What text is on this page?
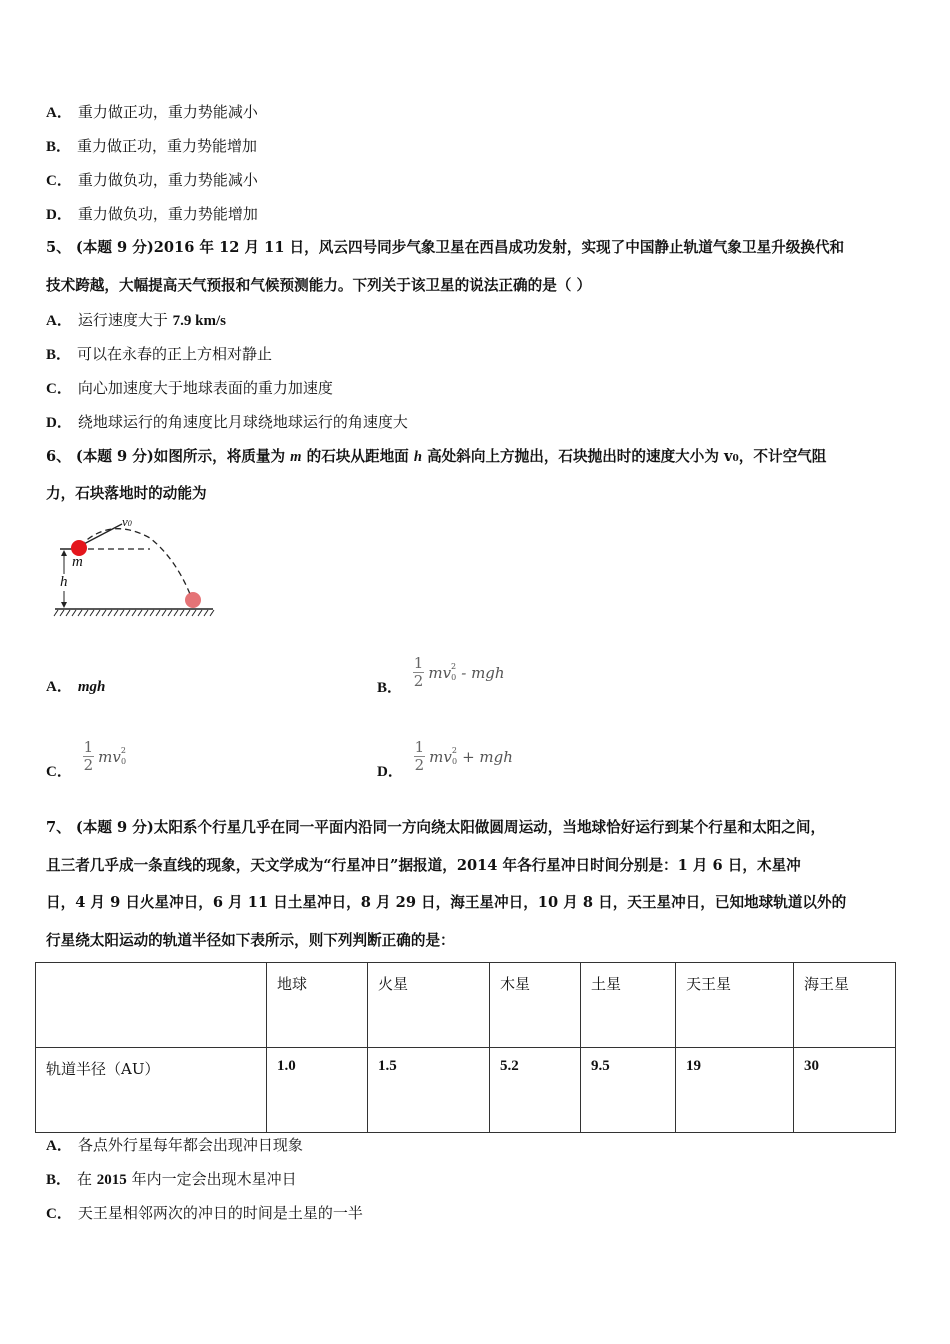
A． 重力做正功，重力势能减小
B． 重力做正功，重力势能增加
C． 重力做负功，重力势能减小
D． 重力做负功，重力势能增加
5、 (本题 9 分)2016 年 12 月 11 日，风云四号同步气象卫星在西昌成功发射，实现了中国静止轨道气象卫星升级换代和
技术跨越，大幅提高天气预报和气候预测能力。下列关于该卫星的说法正确的是（ ）
A． 运行速度大于 7.9 km/s
B． 可以在永春的正上方相对静止
C． 向心加速度大于地球表面的重力加速度
D． 绕地球运行的角速度比月球绕地球运行的角速度大
6、 (本题 9 分)如图所示，将质量为 m 的石块从距地面 h 高处斜向上方抛出，石块抛出时的速度大小为 v0，不计空气阻
力，石块落地时的动能为
v0
m
h
A． mgh	B． $\frac{1}{2}$ mv 2
0 - mgh
C． $\frac{1}{2}$ mv 2
0
D． $\frac{1}{2}$ mv 2
0 + mgh
7、 (本题 9 分)太阳系个行星几乎在同一平面内沿同一方向绕太阳做圆周运动，当地球恰好运行到某个行星和太阳之间，
且三者几乎成一条直线的现象，天文学成为“行星冲日”据报道，2014 年各行星冲日时间分别是：1 月 6 日，木星冲
日，4 月 9 日火星冲日，6 月 11 日土星冲日，8 月 29 日，海王星冲日，10 月 8 日，天王星冲日，已知地球轨道以外的
行星绕太阳运动的轨道半径如下表所示，则下列判断正确的是：
	地球	火星	木星	土星	天王星	海王星
轨道半径（AU）	1.0	1.5	5.2	9.5	19	30
A． 各点外行星每年都会出现冲日现象
B． 在 2015 年内一定会出现木星冲日
C． 天王星相邻两次的冲日的时间是土星的一半
